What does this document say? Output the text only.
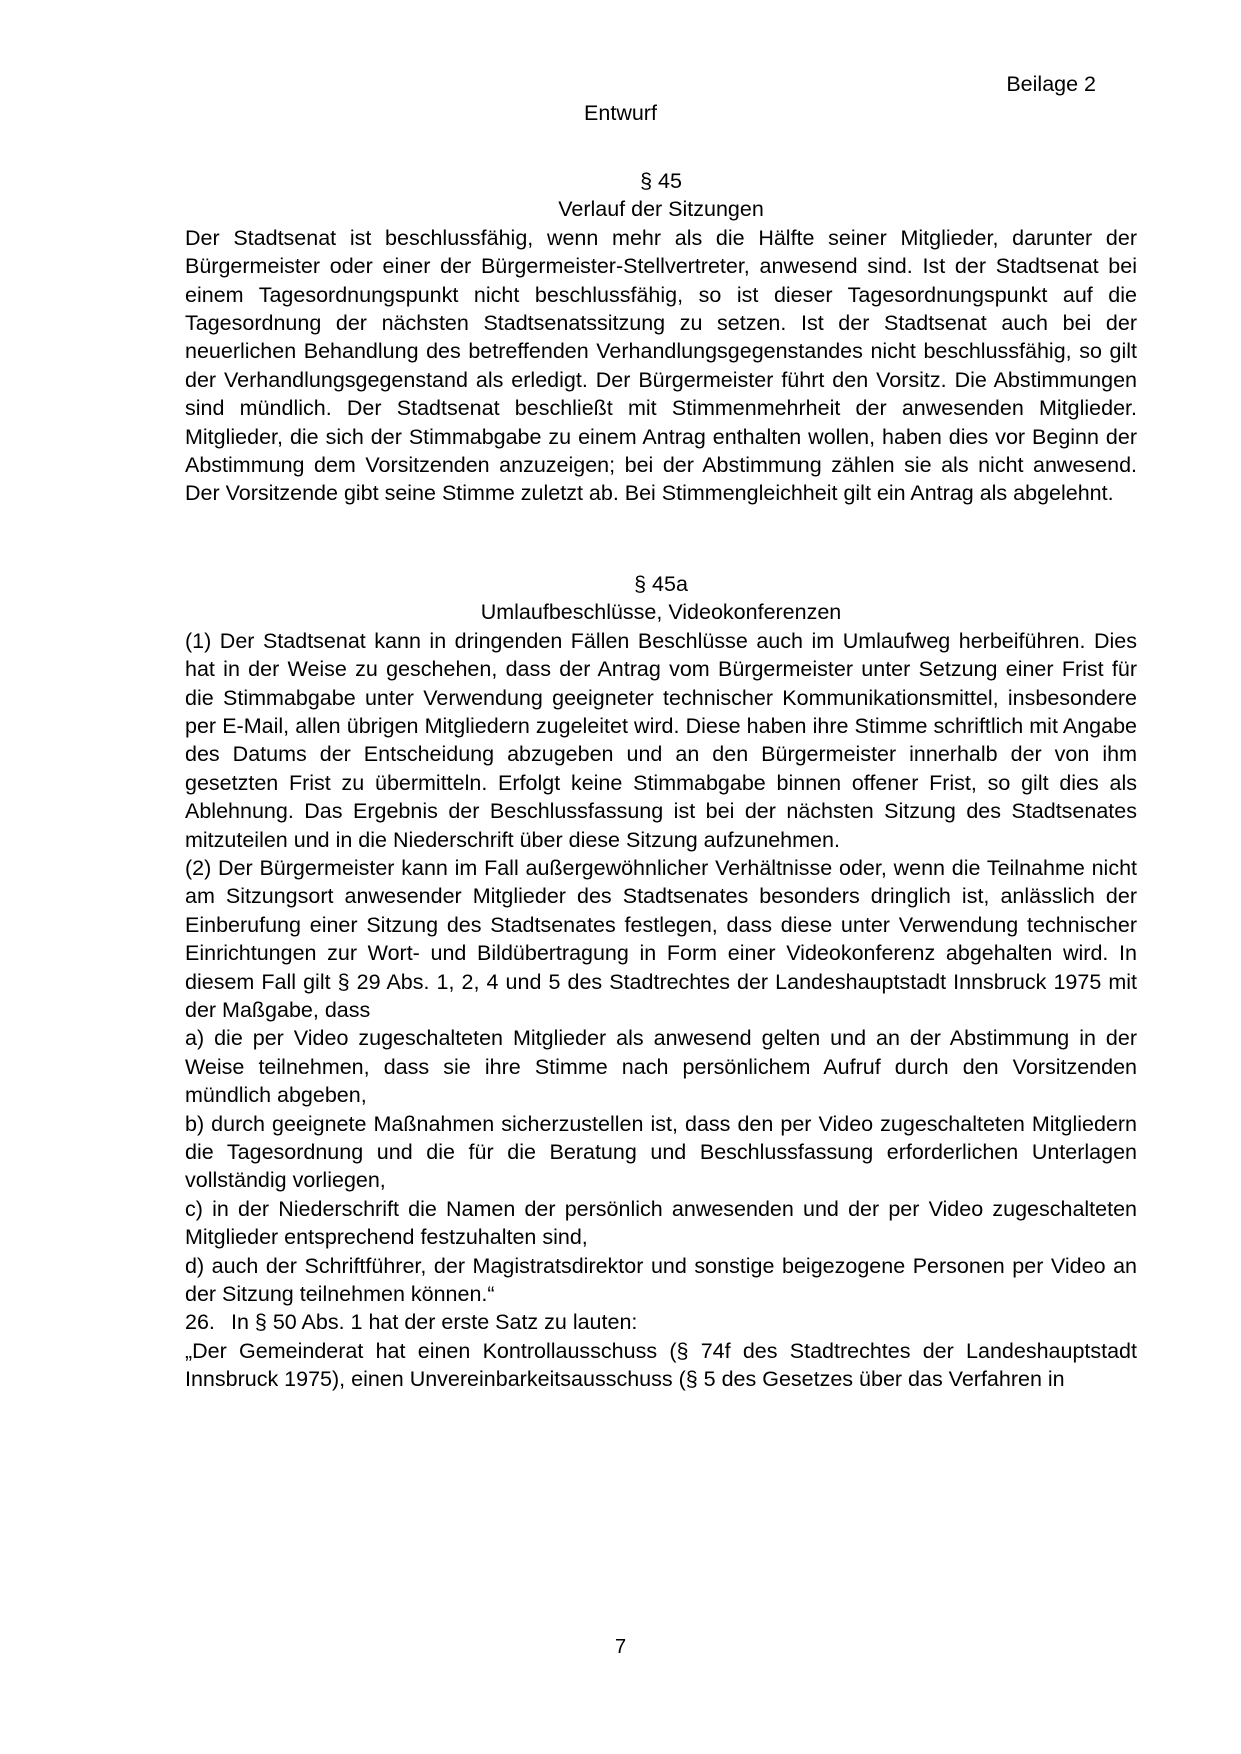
Beilage 2
Entwurf
§ 45
Verlauf der Sitzungen

Der Stadtsenat ist beschlussfähig, wenn mehr als die Hälfte seiner Mitglieder, darunter der Bürgermeister oder einer der Bürgermeister-Stellvertreter, anwesend sind. Ist der Stadtsenat bei einem Tagesordnungspunkt nicht beschlussfähig, so ist dieser Tagesordnungspunkt auf die Tagesordnung der nächsten Stadtsenatssitzung zu setzen. Ist der Stadtsenat auch bei der neuerlichen Behandlung des betreffenden Verhandlungsgegenstandes nicht beschlussfähig, so gilt der Verhandlungsgegenstand als erledigt. Der Bürgermeister führt den Vorsitz. Die Abstimmungen sind mündlich. Der Stadtsenat beschließt mit Stimmenmehrheit der anwesenden Mitglieder. Mitglieder, die sich der Stimmabgabe zu einem Antrag enthalten wollen, haben dies vor Beginn der Abstimmung dem Vorsitzenden anzuzeigen; bei der Abstimmung zählen sie als nicht anwesend. Der Vorsitzende gibt seine Stimme zuletzt ab. Bei Stimmengleichheit gilt ein Antrag als abgelehnt.

§ 45a
Umlaufbeschlüsse, Videokonferenzen

(1) Der Stadtsenat kann in dringenden Fällen Beschlüsse auch im Umlaufweg herbeiführen. Dies hat in der Weise zu geschehen, dass der Antrag vom Bürgermeister unter Setzung einer Frist für die Stimmabgabe unter Verwendung geeigneter technischer Kommunikationsmittel, insbesondere per E-Mail, allen übrigen Mitgliedern zugeleitet wird. Diese haben ihre Stimme schriftlich mit Angabe des Datums der Entscheidung abzugeben und an den Bürgermeister innerhalb der von ihm gesetzten Frist zu übermitteln. Erfolgt keine Stimmabgabe binnen offener Frist, so gilt dies als Ablehnung. Das Ergebnis der Beschlussfassung ist bei der nächsten Sitzung des Stadtsenates mitzuteilen und in die Niederschrift über diese Sitzung aufzunehmen.

(2) Der Bürgermeister kann im Fall außergewöhnlicher Verhältnisse oder, wenn die Teilnahme nicht am Sitzungsort anwesender Mitglieder des Stadtsenates besonders dringlich ist, anlässlich der Einberufung einer Sitzung des Stadtsenates festlegen, dass diese unter Verwendung technischer Einrichtungen zur Wort- und Bildübertragung in Form einer Videokonferenz abgehalten wird. In diesem Fall gilt § 29 Abs. 1, 2, 4 und 5 des Stadtrechtes der Landeshauptstadt Innsbruck 1975 mit der Maßgabe, dass

a) die per Video zugeschalteten Mitglieder als anwesend gelten und an der Abstimmung in der Weise teilnehmen, dass sie ihre Stimme nach persönlichem Aufruf durch den Vorsitzenden mündlich abgeben,

b) durch geeignete Maßnahmen sicherzustellen ist, dass den per Video zugeschalteten Mitgliedern die Tagesordnung und die für die Beratung und Beschlussfassung erforderlichen Unterlagen vollständig vorliegen,

c) in der Niederschrift die Namen der persönlich anwesenden und der per Video zugeschalteten Mitglieder entsprechend festzuhalten sind,

d) auch der Schriftführer, der Magistratsdirektor und sonstige beigezogene Personen per Video an der Sitzung teilnehmen können.“

26. In § 50 Abs. 1 hat der erste Satz zu lauten:

„Der Gemeinderat hat einen Kontrollausschuss (§ 74f des Stadtrechtes der Landeshauptstadt Innsbruck 1975), einen Unvereinbarkeitsausschuss (§ 5 des Gesetzes über das Verfahren in

7
